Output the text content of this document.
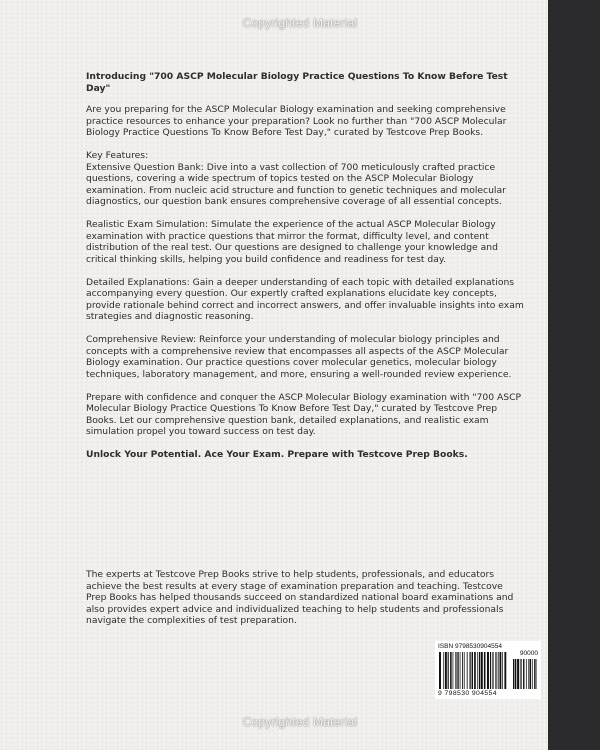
Copyrighted Material
Introducing "700 ASCP Molecular Biology Practice Questions To Know Before Test Day"
Are you preparing for the ASCP Molecular Biology examination and seeking comprehensive practice resources to enhance your preparation? Look no further than "700 ASCP Molecular Biology Practice Questions To Know Before Test Day," curated by Testcove Prep Books.
Key Features:
Extensive Question Bank: Dive into a vast collection of 700 meticulously crafted practice questions, covering a wide spectrum of topics tested on the ASCP Molecular Biology examination. From nucleic acid structure and function to genetic techniques and molecular diagnostics, our question bank ensures comprehensive coverage of all essential concepts.
Realistic Exam Simulation: Simulate the experience of the actual ASCP Molecular Biology examination with practice questions that mirror the format, difficulty level, and content distribution of the real test. Our questions are designed to challenge your knowledge and critical thinking skills, helping you build confidence and readiness for test day.
Detailed Explanations: Gain a deeper understanding of each topic with detailed explanations accompanying every question. Our expertly crafted explanations elucidate key concepts, provide rationale behind correct and incorrect answers, and offer invaluable insights into exam strategies and diagnostic reasoning.
Comprehensive Review: Reinforce your understanding of molecular biology principles and concepts with a comprehensive review that encompasses all aspects of the ASCP Molecular Biology examination. Our practice questions cover molecular genetics, molecular biology techniques, laboratory management, and more, ensuring a well-rounded review experience.
Prepare with confidence and conquer the ASCP Molecular Biology examination with "700 ASCP Molecular Biology Practice Questions To Know Before Test Day," curated by Testcove Prep Books. Let our comprehensive question bank, detailed explanations, and realistic exam simulation propel you toward success on test day.
Unlock Your Potential. Ace Your Exam. Prepare with Testcove Prep Books.
The experts at Testcove Prep Books strive to help students, professionals, and educators achieve the best results at every stage of examination preparation and teaching. Testcove Prep Books has helped thousands succeed on standardized national board examinations and also provides expert advice and individualized teaching to help students and professionals navigate the complexities of test preparation.
ISBN 9798530904554
90000
9 798530 904554
Copyrighted Material
